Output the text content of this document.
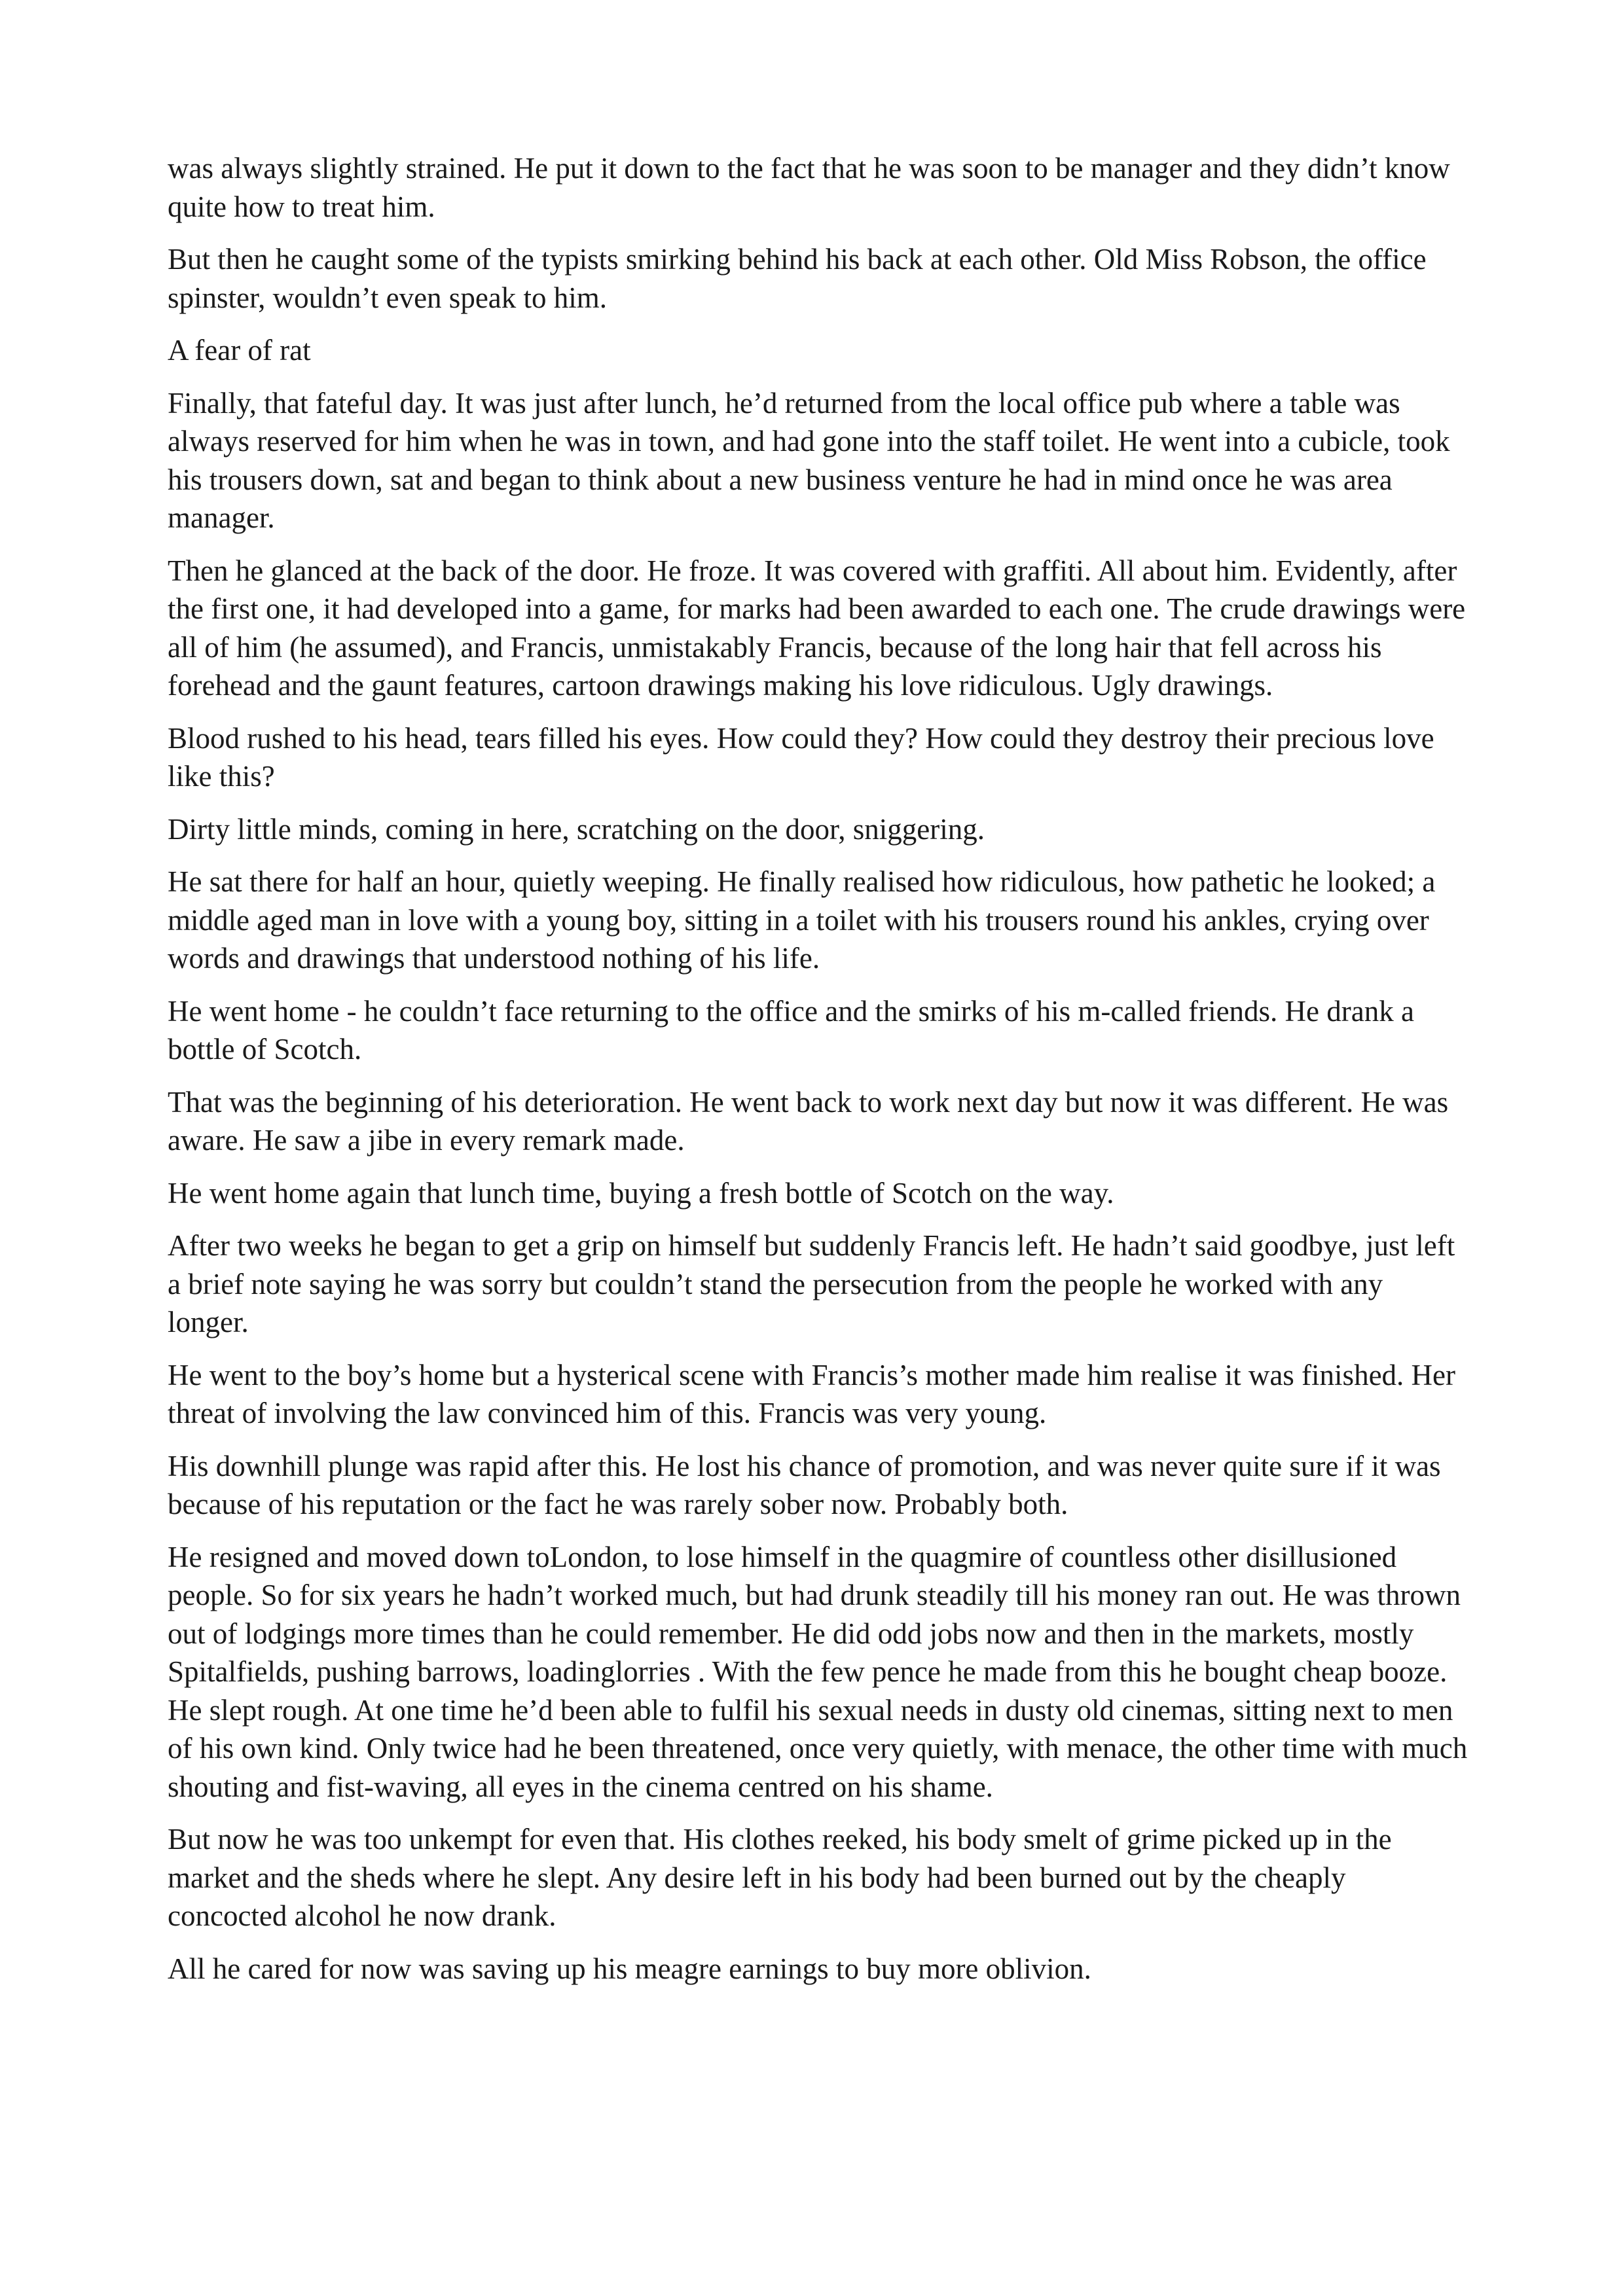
was always slightly strained. He put it down to the fact that he was soon to be manager and they didn’t know quite how to treat him.

But then he caught some of the typists smirking behind his back at each other. Old Miss Robson, the office spinster, wouldn’t even speak to him.

A fear of rat

Finally, that fateful day. It was just after lunch, he’d returned from the local office pub where a table was always reserved for him when he was in town, and had gone into the staff toilet. He went into a cubicle, took his trousers down, sat and began to think about a new business venture he had in mind once he was area manager.

Then he glanced at the back of the door. He froze. It was covered with graffiti. All about him. Evidently, after the first one, it had developed into a game, for marks had been awarded to each one. The crude drawings were all of him (he assumed), and Francis, unmistakably Francis, because of the long hair that fell across his forehead and the gaunt features, cartoon drawings making his love ridiculous. Ugly drawings.

Blood rushed to his head, tears filled his eyes. How could they? How could they destroy their precious love like this?

Dirty little minds, coming in here, scratching on the door, sniggering.

He sat there for half an hour, quietly weeping. He finally realised how ridiculous, how pathetic he looked; a middle aged man in love with a young boy, sitting in a toilet with his trousers round his ankles, crying over words and drawings that understood nothing of his life.

He went home - he couldn’t face returning to the office and the smirks of his m-called friends. He drank a bottle of Scotch.

That was the beginning of his deterioration. He went back to work next day but now it was different. He was aware. He saw a jibe in every remark made.

He went home again that lunch time, buying a fresh bottle of Scotch on the way.

After two weeks he began to get a grip on himself but suddenly Francis left. He hadn’t said goodbye, just left a brief note saying he was sorry but couldn’t stand the persecution from the people he worked with any longer.

He went to the boy’s home but a hysterical scene with Francis’s mother made him realise it was finished. Her threat of involving the law convinced him of this. Francis was very young.

His downhill plunge was rapid after this. He lost his chance of promotion, and was never quite sure if it was because of his reputation or the fact he was rarely sober now. Probably both.

He resigned and moved down toLondon, to lose himself in the quagmire of countless other disillusioned people. So for six years he hadn’t worked much, but had drunk steadily till his money ran out. He was thrown out of lodgings more times than he could remember. He did odd jobs now and then in the markets, mostly Spitalfields, pushing barrows, loadinglorries . With the few pence he made from this he bought cheap booze. He slept rough. At one time he’d been able to fulfil his sexual needs in dusty old cinemas, sitting next to men of his own kind. Only twice had he been threatened, once very quietly, with menace, the other time with much shouting and fist-waving, all eyes in the cinema centred on his shame.

But now he was too unkempt for even that. His clothes reeked, his body smelt of grime picked up in the market and the sheds where he slept. Any desire left in his body had been burned out by the cheaply concocted alcohol he now drank.

All he cared for now was saving up his meagre earnings to buy more oblivion.
